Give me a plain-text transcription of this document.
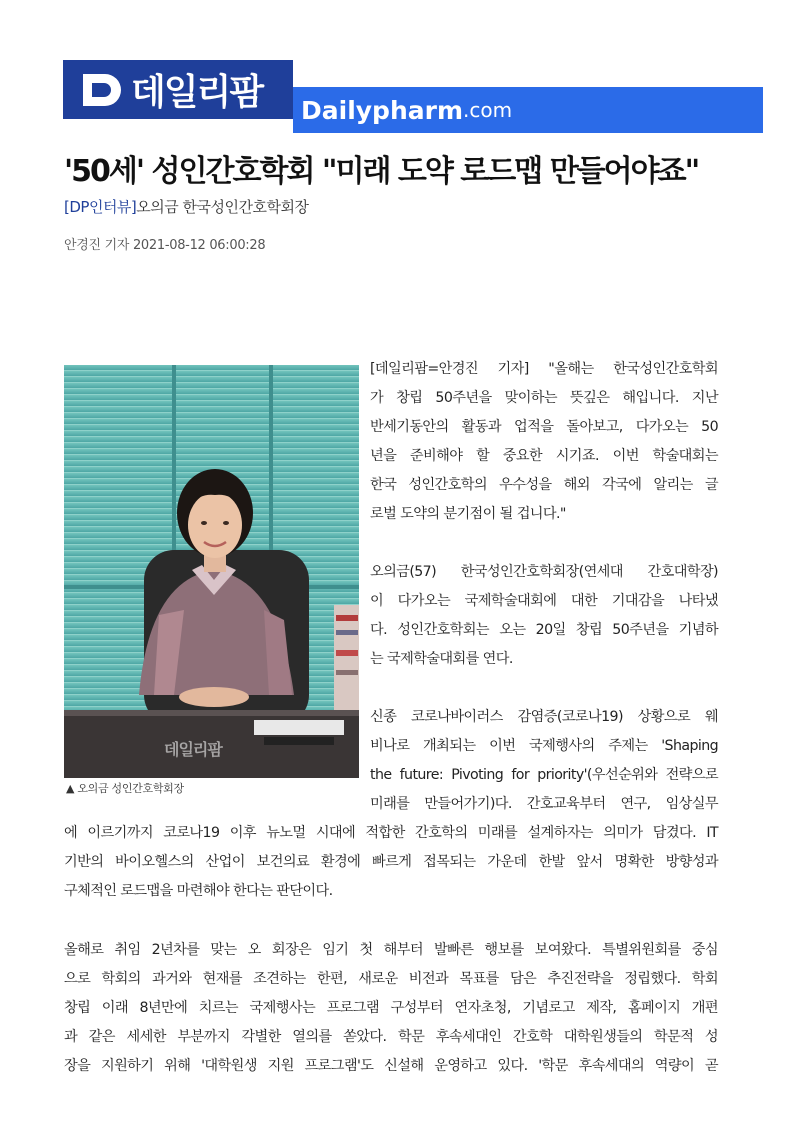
데일리팜 Dailypharm .com
'50세' 성인간호학회 "미래 도약 로드맵 만들어야죠"
[DP인터뷰]오의금 한국성인간호학회장
안경진 기자 2021-08-12 06:00:28
데일리팜
▲ 오의금 성인간호학회장
[데일리팜=안경진 기자] "올해는 한국성인간호학회
가 창립 50주년을 맞이하는 뜻깊은 해입니다. 지난
반세기동안의 활동과 업적을 돌아보고, 다가오는 50
년을 준비해야 할 중요한 시기죠. 이번 학술대회는
한국 성인간호학의 우수성을 해외 각국에 알리는 글
로벌 도약의 분기점이 될 겁니다."
오의금(57) 한국성인간호학회장(연세대 간호대학장)
이 다가오는 국제학술대회에 대한 기대감을 나타냈
다. 성인간호학회는 오는 20일 창립 50주년을 기념하
는 국제학술대회를 연다.
신종 코로나바이러스 감염증(코로나19) 상황으로 웨
비나로 개최되는 이번 국제행사의 주제는 'Shaping
the future: Pivoting for priority'(우선순위와 전략으로
미래를 만들어가기)다. 간호교육부터 연구, 임상실무
에 이르기까지 코로나19 이후 뉴노멀 시대에 적합한 간호학의 미래를 설계하자는 의미가 담겼다. IT
기반의 바이오헬스의 산업이 보건의료 환경에 빠르게 접목되는 가운데 한발 앞서 명확한 방향성과
구체적인 로드맵을 마련해야 한다는 판단이다.
올해로 취임 2년차를 맞는 오 회장은 임기 첫 해부터 발빠른 행보를 보여왔다. 특별위원회를 중심
으로 학회의 과거와 현재를 조견하는 한편, 새로운 비전과 목표를 담은 추진전략을 정립했다. 학회
창립 이래 8년만에 치르는 국제행사는 프로그램 구성부터 연자초청, 기념로고 제작, 홈페이지 개편
과 같은 세세한 부분까지 각별한 열의를 쏟았다. 학문 후속세대인 간호학 대학원생들의 학문적 성
장을 지원하기 위해 '대학원생 지원 프로그램'도 신설해 운영하고 있다. '학문 후속세대의 역량이 곧
